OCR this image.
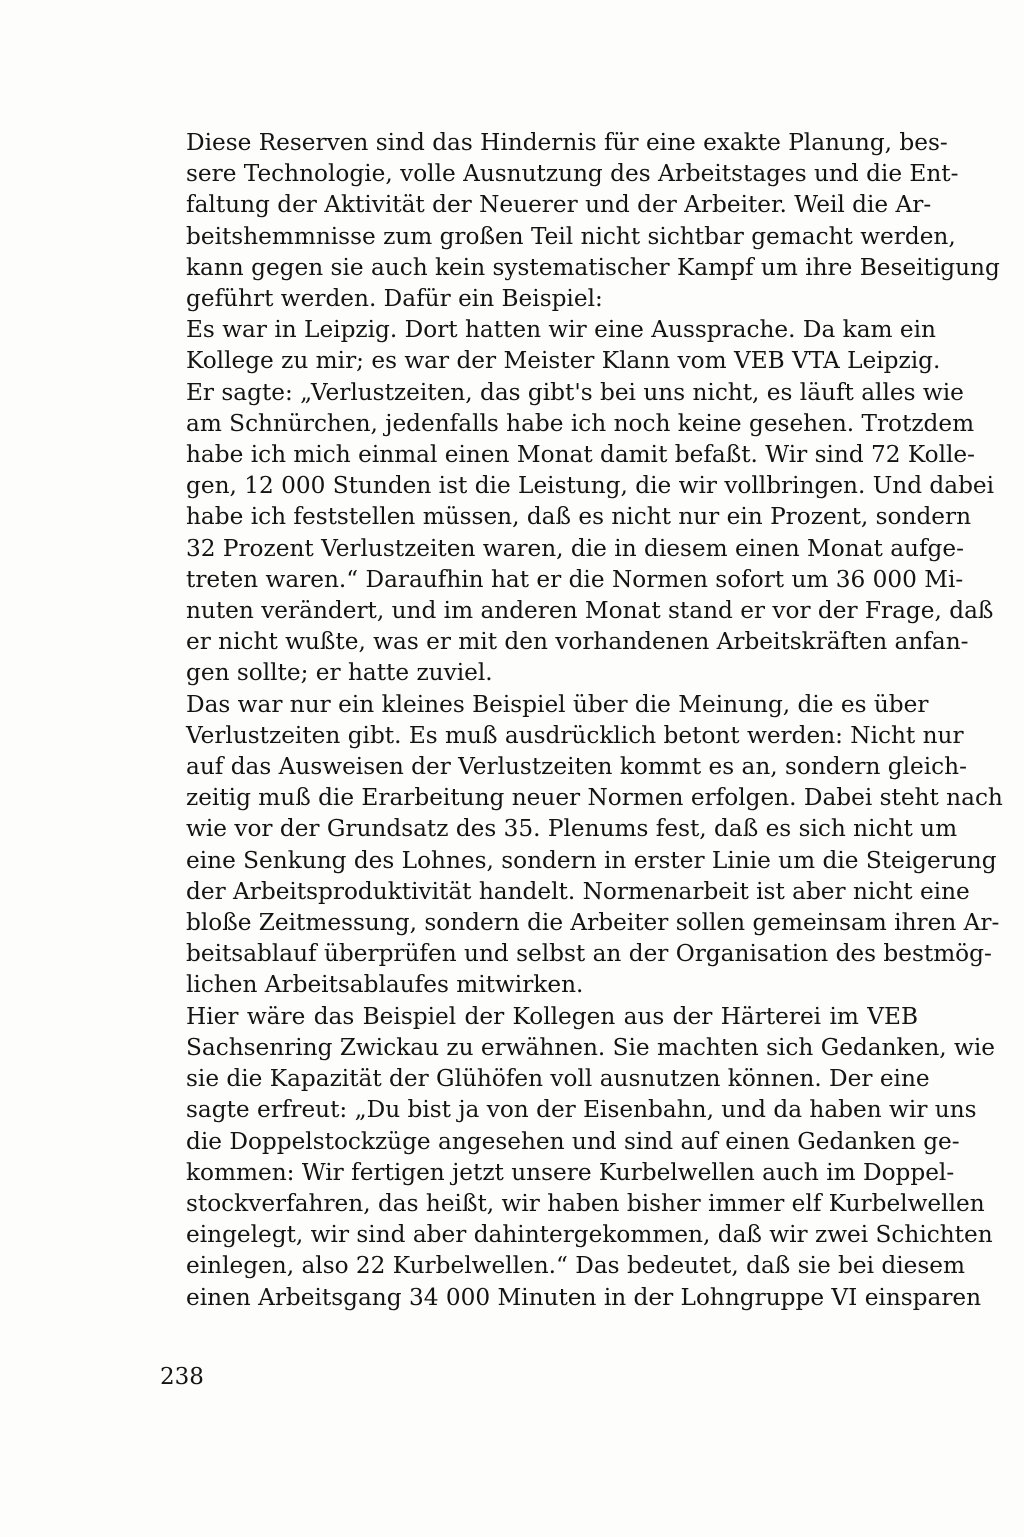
Diese Reserven sind das Hindernis für eine exakte Planung, bes-
sere Technologie, volle Ausnutzung des Arbeitstages und die Ent-
faltung der Aktivität der Neuerer und der Arbeiter. Weil die Ar-
beitshemmnisse zum großen Teil nicht sichtbar gemacht werden,
kann gegen sie auch kein systematischer Kampf um ihre Beseitigung
geführt werden. Dafür ein Beispiel:

Es war in Leipzig. Dort hatten wir eine Aussprache. Da kam ein
Kollege zu mir; es war der Meister Klann vom VEB VTA Leipzig.
Er sagte: „Verlustzeiten, das gibt's bei uns nicht, es läuft alles wie
am Schnürchen, jedenfalls habe ich noch keine gesehen. Trotzdem
habe ich mich einmal einen Monat damit befaßt. Wir sind 72 Kolle-
gen, 12 000 Stunden ist die Leistung, die wir vollbringen. Und dabei
habe ich feststellen müssen, daß es nicht nur ein Prozent, sondern
32 Prozent Verlustzeiten waren, die in diesem einen Monat aufge-
treten waren.“ Daraufhin hat er die Normen sofort um 36 000 Mi-
nuten verändert, und im anderen Monat stand er vor der Frage, daß
er nicht wußte, was er mit den vorhandenen Arbeitskräften anfan-
gen sollte; er hatte zuviel.

Das war nur ein kleines Beispiel über die Meinung, die es über
Verlustzeiten gibt. Es muß ausdrücklich betont werden: Nicht nur
auf das Ausweisen der Verlustzeiten kommt es an, sondern gleich-
zeitig muß die Erarbeitung neuer Normen erfolgen. Dabei steht nach
wie vor der Grundsatz des 35. Plenums fest, daß es sich nicht um
eine Senkung des Lohnes, sondern in erster Linie um die Steigerung
der Arbeitsproduktivität handelt. Normenarbeit ist aber nicht eine
bloße Zeitmessung, sondern die Arbeiter sollen gemeinsam ihren Ar-
beitsablauf überprüfen und selbst an der Organisation des bestmög-
lichen Arbeitsablaufes mitwirken.

Hier wäre das Beispiel der Kollegen aus der Härterei im VEB
Sachsenring Zwickau zu erwähnen. Sie machten sich Gedanken, wie
sie die Kapazität der Glühöfen voll ausnutzen können. Der eine
sagte erfreut: „Du bist ja von der Eisenbahn, und da haben wir uns
die Doppelstockzüge angesehen und sind auf einen Gedanken ge-
kommen: Wir fertigen jetzt unsere Kurbelwellen auch im Doppel-
stockverfahren, das heißt, wir haben bisher immer elf Kurbelwellen
eingelegt, wir sind aber dahintergekommen, daß wir zwei Schichten
einlegen, also 22 Kurbelwellen.“ Das bedeutet, daß sie bei diesem
einen Arbeitsgang 34 000 Minuten in der Lohngruppe VI einsparen

238
